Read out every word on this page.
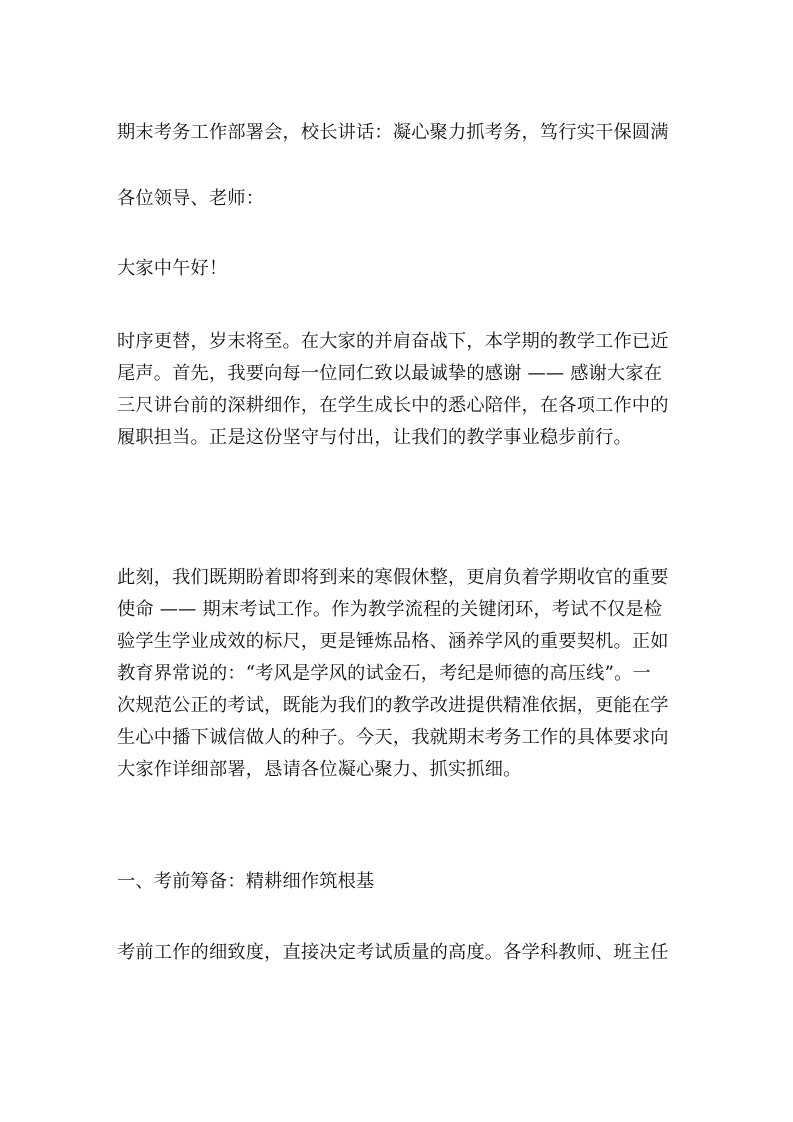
期末考务工作部署会，校长讲话：凝心聚力抓考务，笃行实干保圆满
各位领导、老师：
大家中午好！
时序更替，岁末将至。在大家的并肩奋战下，本学期的教学工作已近
尾声。首先，我要向每一位同仁致以最诚挚的感谢 —— 感谢大家在
三尺讲台前的深耕细作，在学生成长中的悉心陪伴，在各项工作中的
履职担当。正是这份坚守与付出，让我们的教学事业稳步前行。
此刻，我们既期盼着即将到来的寒假休整，更肩负着学期收官的重要
使命 —— 期末考试工作。作为教学流程的关键闭环，考试不仅是检
验学生学业成效的标尺，更是锤炼品格、涵养学风的重要契机。正如
教育界常说的：“考风是学风的试金石，考纪是师德的高压线”。一
次规范公正的考试，既能为我们的教学改进提供精准依据，更能在学
生心中播下诚信做人的种子。今天，我就期末考务工作的具体要求向
大家作详细部署，恳请各位凝心聚力、抓实抓细。
一、考前筹备：精耕细作筑根基
考前工作的细致度，直接决定考试质量的高度。各学科教师、班主任
